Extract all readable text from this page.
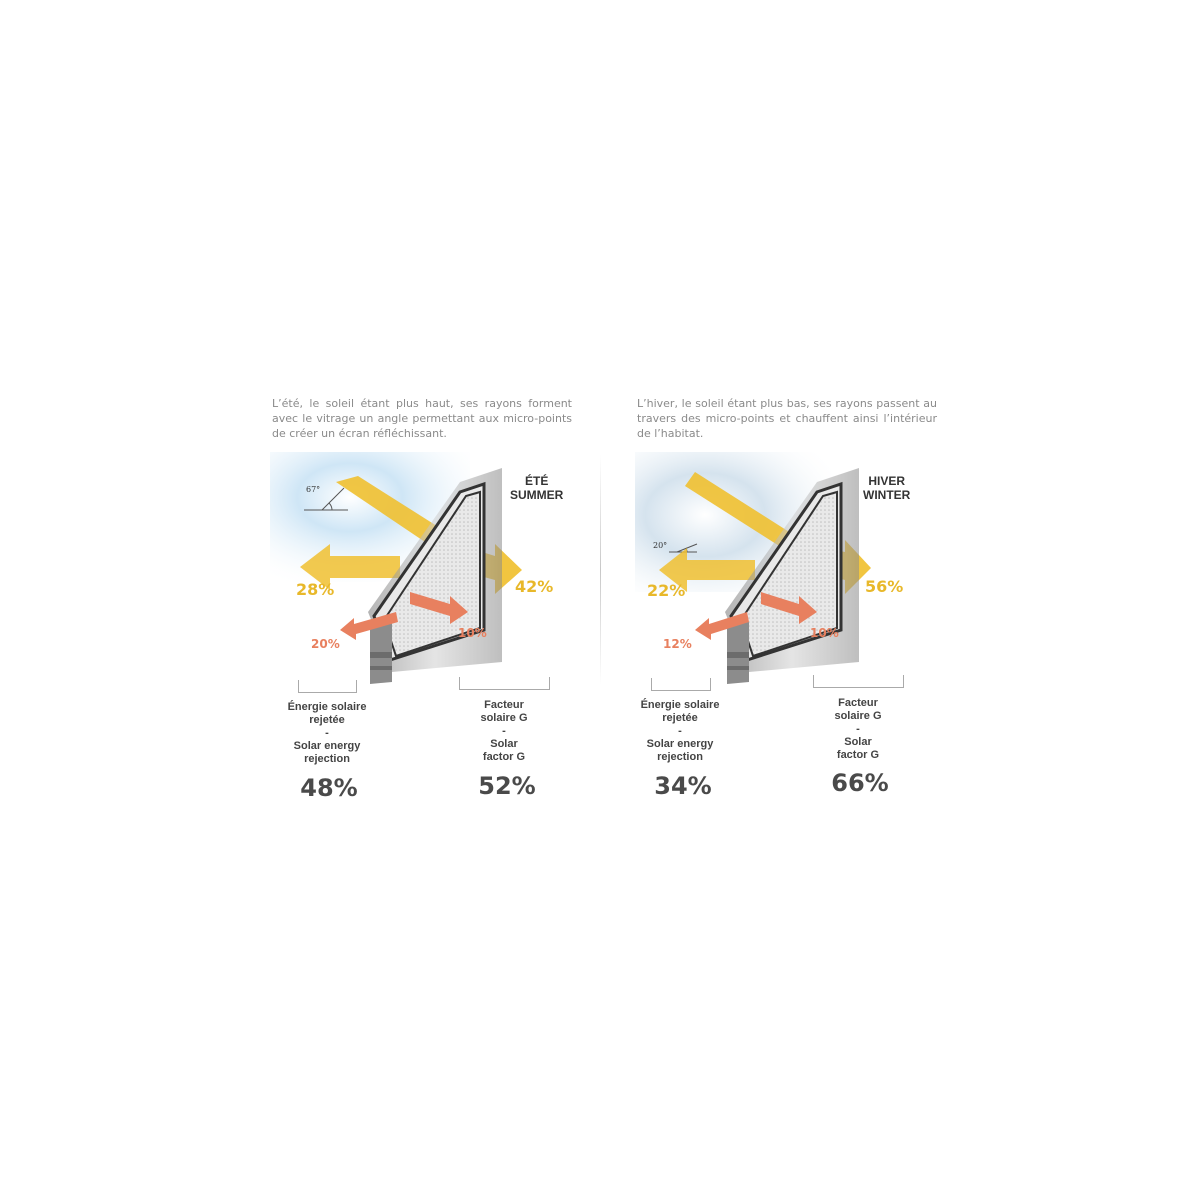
L’été, le soleil étant plus haut, ses rayons forment avec le vitrage un angle permettant aux micro-points de créer un écran réfléchissant.

67°
ÉTÉ
SUMMER
28%	42%
20%
10%
Énergie solaire
rejetée
-
Solar energy
rejection
Facteur
solaire G
-
Solar
factor G
48%	52%

L’hiver, le soleil étant plus bas, ses rayons passent au travers des micro-points et chauffent ainsi l’intérieur de l’habitat.

20°
HIVER
WINTER
22%	56%
12%
10%
Énergie solaire
rejetée
-
Solar energy
rejection
Facteur
solaire G
-
Solar
factor G
34%	66%
